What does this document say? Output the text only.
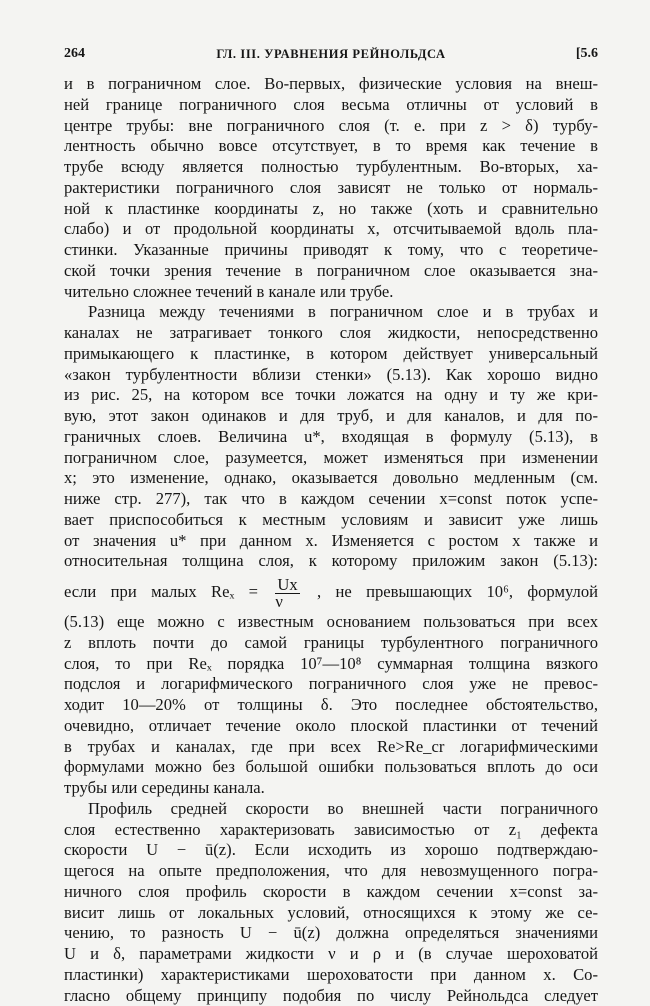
264	ГЛ. III. УРАВНЕНИЯ РЕЙНОЛЬДСА	[5.6
и в пограничном слое. Во-первых, физические условия на внеш-
ней границе пограничного слоя весьма отличны от условий в
центре трубы: вне пограничного слоя (т. е. при z > δ) турбу-
лентность обычно вовсе отсутствует, в то время как течение в
трубе всюду является полностью турбулентным. Во-вторых, ха-
рактеристики пограничного слоя зависят не только от нормаль-
ной к пластинке координаты z, но также (хоть и сравнительно
слабо) и от продольной координаты x, отсчитываемой вдоль пла-
стинки. Указанные причины приводят к тому, что с теоретиче-
ской точки зрения течение в пограничном слое оказывается зна-
чительно сложнее течений в канале или трубе.
Разница между течениями в пограничном слое и в трубах и
каналах не затрагивает тонкого слоя жидкости, непосредственно
примыкающего к пластинке, в котором действует универсальный
«закон турбулентности вблизи стенки» (5.13). Как хорошо видно
из рис. 25, на котором все точки ложатся на одну и ту же кри-
вую, этот закон одинаков и для труб, и для каналов, и для по-
граничных слоев. Величина u*, входящая в формулу (5.13), в
пограничном слое, разумеется, может изменяться при изменении
x; это изменение, однако, оказывается довольно медленным (см.
ниже стр. 277), так что в каждом сечении x=const поток успе-
вает приспособиться к местным условиям и зависит уже лишь
от значения u* при данном x. Изменяется с ростом x также и
относительная толщина слоя, к которому приложим закон (5.13):
если при малых $Re_x = \frac{Ux}{\nu}$ , не превышающих 10⁶, формулой
(5.13) еще можно с известным основанием пользоваться при всех
z вплоть почти до самой границы турбулентного пограничного
слоя, то при Reₓ порядка 10⁷—10⁸ суммарная толщина вязкого
подслоя и логарифмического пограничного слоя уже не превос-
ходит 10—20% от толщины δ. Это последнее обстоятельство,
очевидно, отличает течение около плоской пластинки от течений
в трубах и каналах, где при всех Re>Re_cr логарифмическими
формулами можно без большой ошибки пользоваться вплоть до оси
трубы или середины канала.
Профиль средней скорости во внешней части пограничного
слоя естественно характеризовать зависимостью от z₁ дефекта
скорости U − ū(z). Если исходить из хорошо подтверждаю-
щегося на опыте предположения, что для невозмущенного погра-
ничного слоя профиль скорости в каждом сечении x=const за-
висит лишь от локальных условий, относящихся к этому же се-
чению, то разность U − ū(z) должна определяться значениями
U и δ, параметрами жидкости ν и ρ и (в случае шероховатой
пластинки) характеристиками шероховатости при данном x. Со-
гласно общему принципу подобия по числу Рейнольдса следует
